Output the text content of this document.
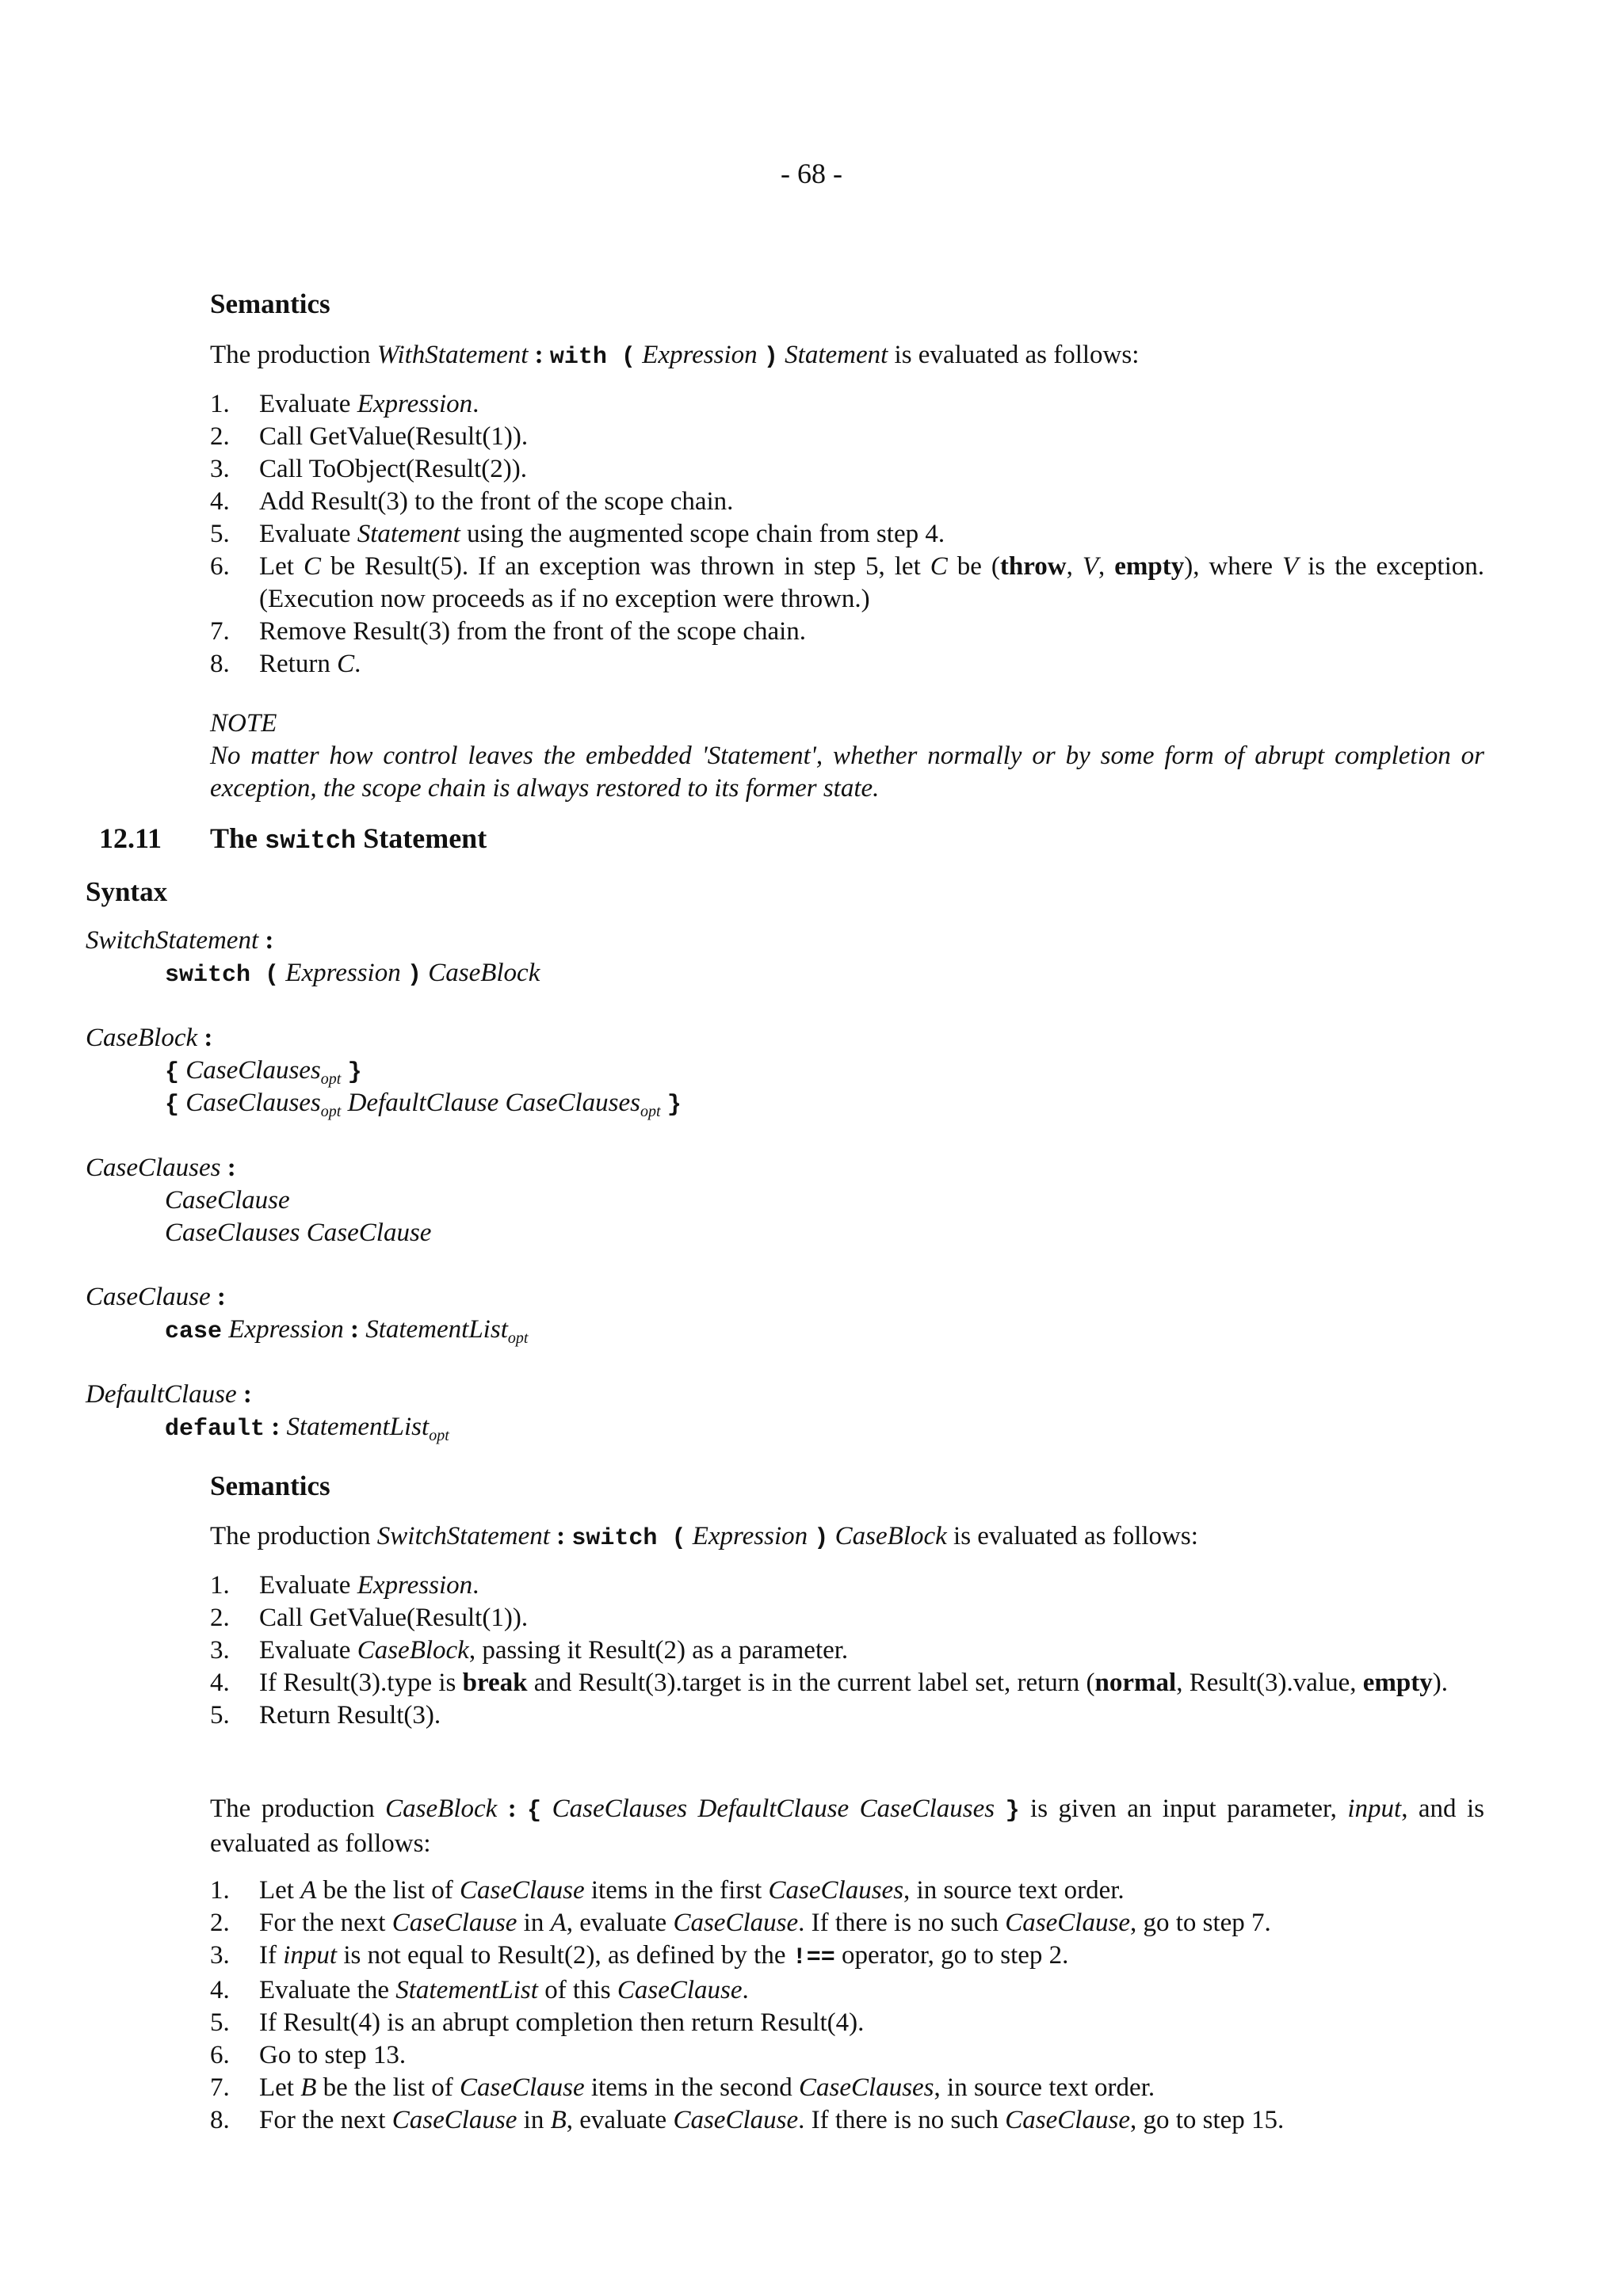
- 68 -
Semantics
The production WithStatement : with ( Expression ) Statement is evaluated as follows:
1. Evaluate Expression.
2. Call GetValue(Result(1)).
3. Call ToObject(Result(2)).
4. Add Result(3) to the front of the scope chain.
5. Evaluate Statement using the augmented scope chain from step 4.
6. Let C be Result(5). If an exception was thrown in step 5, let C be (throw, V, empty), where V is the exception. (Execution now proceeds as if no exception were thrown.)
7. Remove Result(3) from the front of the scope chain.
8. Return C.
NOTE
No matter how control leaves the embedded 'Statement', whether normally or by some form of abrupt completion or exception, the scope chain is always restored to its former state.
12.11 The switch Statement
Syntax
SwitchStatement :
switch ( Expression ) CaseBlock
CaseBlock :
{ CaseClauses$_{opt}$ }
{ CaseClauses$_{opt}$ DefaultClause CaseClauses$_{opt}$ }
CaseClauses :
CaseClause
CaseClauses CaseClause
CaseClause :
case Expression : StatementList$_{opt}$
DefaultClause :
default : StatementList$_{opt}$
Semantics
The production SwitchStatement : switch ( Expression ) CaseBlock is evaluated as follows:
1. Evaluate Expression.
2. Call GetValue(Result(1)).
3. Evaluate CaseBlock, passing it Result(2) as a parameter.
4. If Result(3).type is break and Result(3).target is in the current label set, return (normal, Result(3).value, empty).
5. Return Result(3).
The production CaseBlock : { CaseClauses DefaultClause CaseClauses } is given an input parameter, input, and is evaluated as follows:
1. Let A be the list of CaseClause items in the first CaseClauses, in source text order.
2. For the next CaseClause in A, evaluate CaseClause. If there is no such CaseClause, go to step 7.
3. If input is not equal to Result(2), as defined by the !== operator, go to step 2.
4. Evaluate the StatementList of this CaseClause.
5. If Result(4) is an abrupt completion then return Result(4).
6. Go to step 13.
7. Let B be the list of CaseClause items in the second CaseClauses, in source text order.
8. For the next CaseClause in B, evaluate CaseClause. If there is no such CaseClause, go to step 15.
